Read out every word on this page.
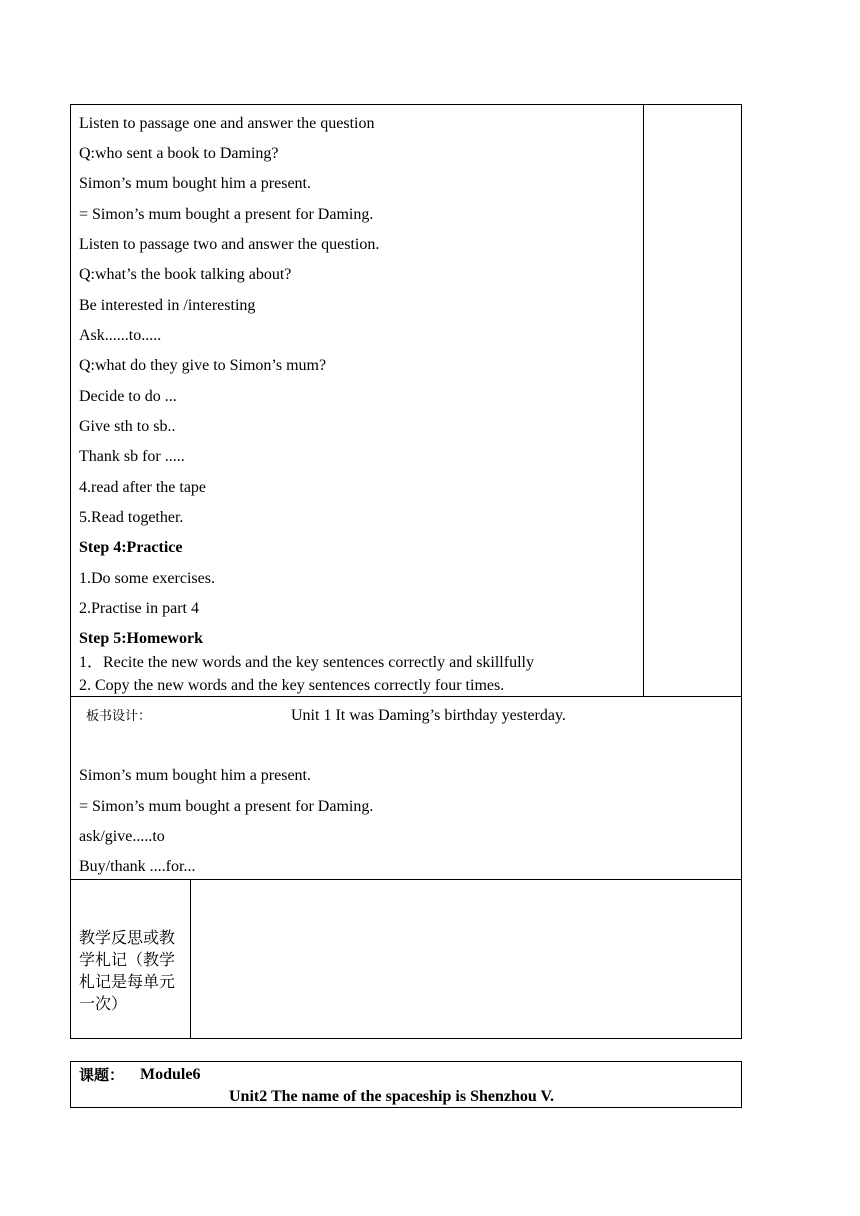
Listen to passage one and answer the question
Q:who sent a book to Daming?
Simon’s mum bought him a present.
= Simon’s mum bought a present for Daming.
Listen to passage two and answer the question.
Q:what’s the book talking about?
Be interested in /interesting
Ask......to.....
Q:what do they give to Simon’s mum?
Decide to do ...
Give sth to sb..
Thank sb for .....
4.read after the tape
5.Read together.
Step 4:Practice
1.Do some exercises.
2.Practise in part 4
Step 5:Homework
1．Recite the new words and the key sentences correctly and skillfully
2. Copy the new words and the key sentences correctly four times.
板书设计：	Unit 1 It was Daming’s birthday yesterday.
Simon’s mum bought him a present.
= Simon’s mum bought a present for Daming.
ask/give.....to
Buy/thank ....for...
教学反思或教
学札记（教学
札记是每单元
一次）
课题： Module6
Unit2 The name of the spaceship is Shenzhou V.
